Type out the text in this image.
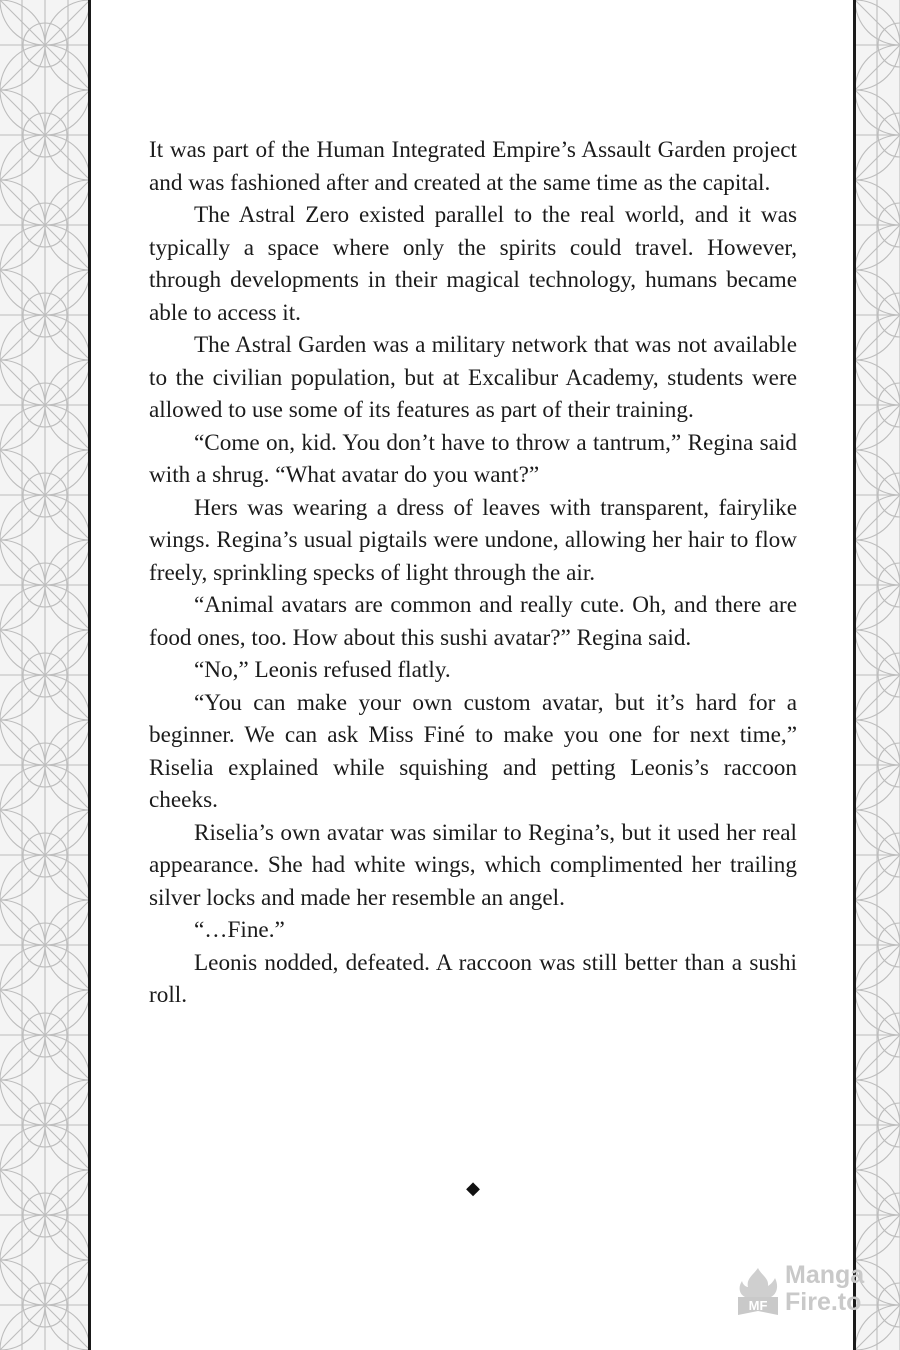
It was part of the Human Integrated Empire’s Assault Garden project and was fashioned after and created at the same time as the capital.

The Astral Zero existed parallel to the real world, and it was typically a space where only the spirits could travel. However, through developments in their magical technology, humans became able to access it.

The Astral Garden was a military network that was not available to the civilian population, but at Excalibur Academy, students were allowed to use some of its features as part of their training.

“Come on, kid. You don’t have to throw a tantrum,” Regina said with a shrug. “What avatar do you want?”

Hers was wearing a dress of leaves with transparent, fairylike wings. Regina’s usual pigtails were undone, allowing her hair to flow freely, sprinkling specks of light through the air.

“Animal avatars are common and really cute. Oh, and there are food ones, too. How about this sushi avatar?” Regina said.

“No,” Leonis refused flatly.

“You can make your own custom avatar, but it’s hard for a beginner. We can ask Miss Finé to make you one for next time,” Riselia explained while squishing and petting Leonis’s raccoon cheeks.

Riselia’s own avatar was similar to Regina’s, but it used her real appearance. She had white wings, which complimented her trailing silver locks and made her resemble an angel.

“…Fine.”

Leonis nodded, defeated. A raccoon was still better than a sushi roll.

◆
MF
Manga
Fire.to
